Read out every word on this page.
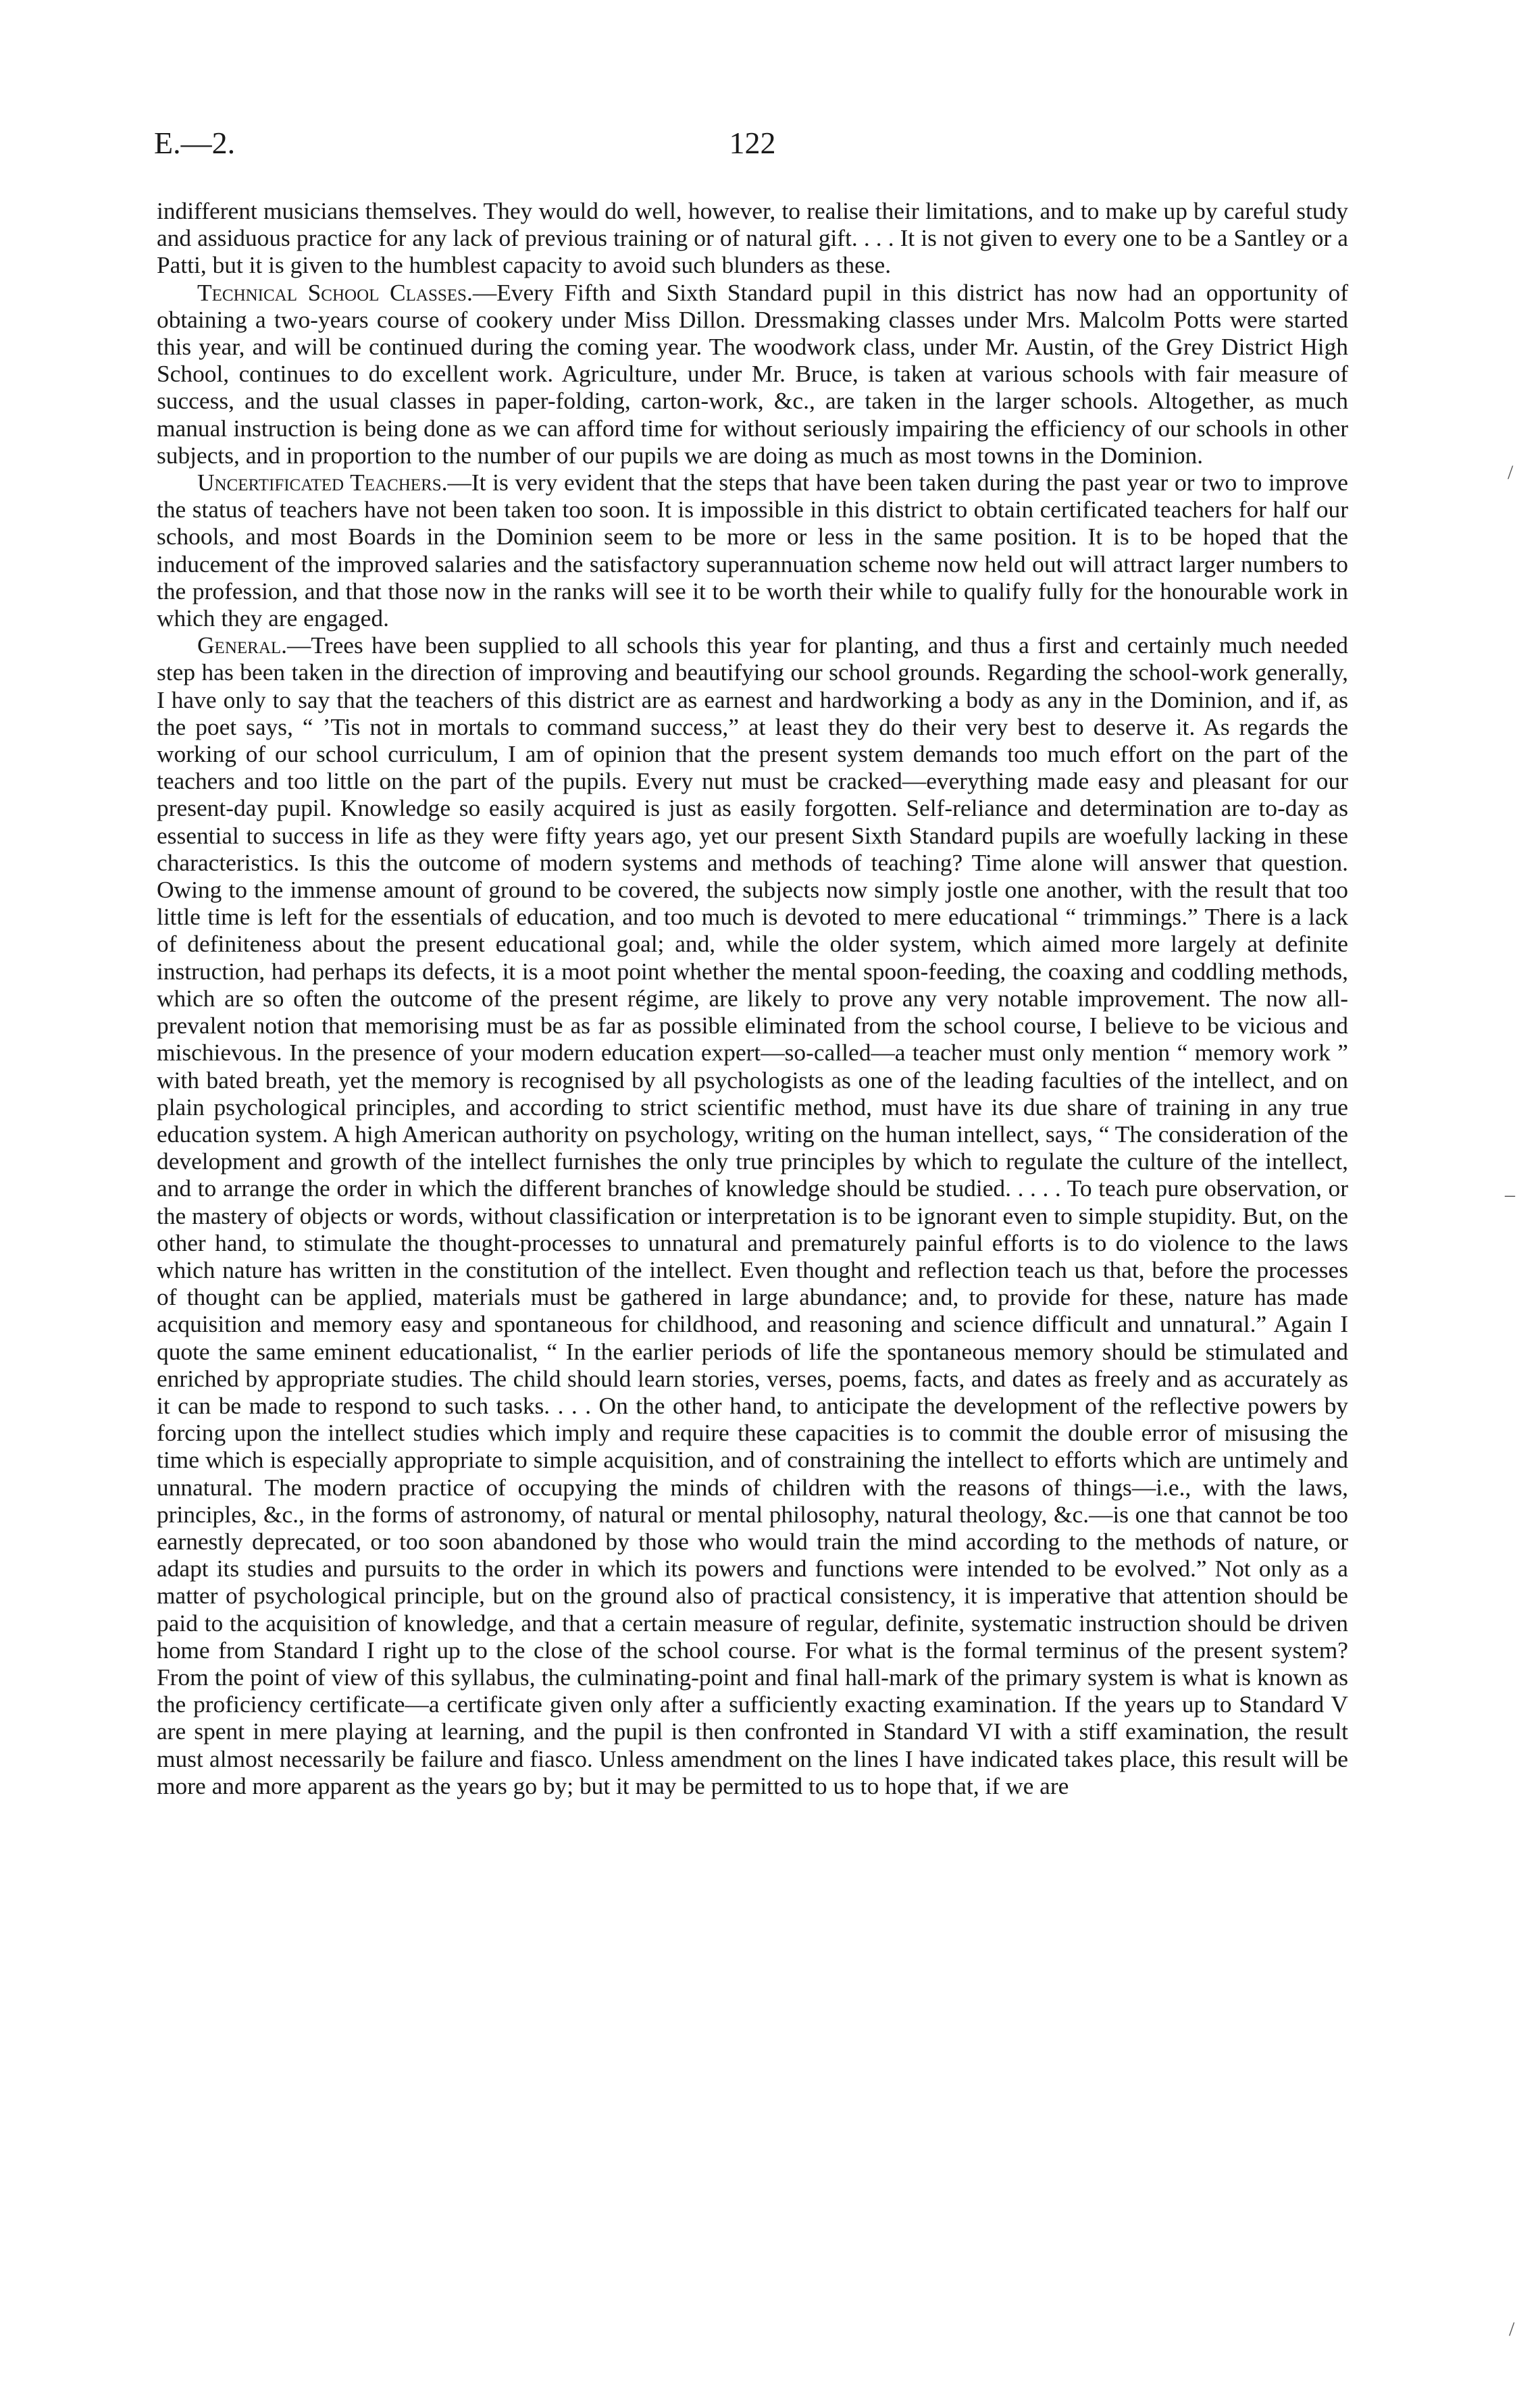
E.—2.	122

indifferent musicians themselves. They would do well, however, to realise their limitations, and to make up by careful study and assiduous practice for any lack of previous training or of natural gift. . . . It is not given to every one to be a Santley or a Patti, but it is given to the humblest capacity to avoid such blunders as these.

Technical School Classes.—Every Fifth and Sixth Standard pupil in this district has now had an opportunity of obtaining a two-years course of cookery under Miss Dillon. Dressmaking classes under Mrs. Malcolm Potts were started this year, and will be continued during the coming year. The woodwork class, under Mr. Austin, of the Grey District High School, continues to do excellent work. Agriculture, under Mr. Bruce, is taken at various schools with fair measure of success, and the usual classes in paper-folding, carton-work, &c., are taken in the larger schools. Altogether, as much manual instruction is being done as we can afford time for without seriously impairing the efficiency of our schools in other subjects, and in proportion to the number of our pupils we are doing as much as most towns in the Dominion.

Uncertificated Teachers.—It is very evident that the steps that have been taken during the past year or two to improve the status of teachers have not been taken too soon. It is impossible in this district to obtain certificated teachers for half our schools, and most Boards in the Dominion seem to be more or less in the same position. It is to be hoped that the inducement of the improved salaries and the satisfactory superannuation scheme now held out will attract larger numbers to the profession, and that those now in the ranks will see it to be worth their while to qualify fully for the honourable work in which they are engaged.

General.—Trees have been supplied to all schools this year for planting, and thus a first and certainly much needed step has been taken in the direction of improving and beautifying our school grounds. Regarding the school-work generally, I have only to say that the teachers of this district are as earnest and hardworking a body as any in the Dominion, and if, as the poet says, “ ’Tis not in mortals to command success,” at least they do their very best to deserve it. As regards the working of our school curriculum, I am of opinion that the present system demands too much effort on the part of the teachers and too little on the part of the pupils. Every nut must be cracked—everything made easy and pleasant for our present-day pupil. Knowledge so easily acquired is just as easily forgotten. Self-reliance and determination are to-day as essential to success in life as they were fifty years ago, yet our present Sixth Standard pupils are woefully lacking in these characteristics. Is this the outcome of modern systems and methods of teaching? Time alone will answer that question. Owing to the immense amount of ground to be covered, the subjects now simply jostle one another, with the result that too little time is left for the essentials of education, and too much is devoted to mere educational “ trimmings.” There is a lack of definiteness about the present educational goal; and, while the older system, which aimed more largely at definite instruction, had perhaps its defects, it is a moot point whether the mental spoon-feeding, the coaxing and coddling methods, which are so often the outcome of the present régime, are likely to prove any very notable improvement. The now all-prevalent notion that memorising must be as far as possible eliminated from the school course, I believe to be vicious and mischievous. In the presence of your modern education expert—so-called—a teacher must only mention “ memory work ” with bated breath, yet the memory is recognised by all psychologists as one of the leading faculties of the intellect, and on plain psychological principles, and according to strict scientific method, must have its due share of training in any true education system. A high American authority on psychology, writing on the human intellect, says, “ The consideration of the development and growth of the intellect furnishes the only true principles by which to regulate the culture of the intellect, and to arrange the order in which the different branches of knowledge should be studied. . . . . To teach pure observation, or the mastery of objects or words, without classification or interpretation is to be ignorant even to simple stupidity. But, on the other hand, to stimulate the thought-processes to unnatural and prematurely painful efforts is to do violence to the laws which nature has written in the constitution of the intellect. Even thought and reflection teach us that, before the processes of thought can be applied, materials must be gathered in large abundance; and, to provide for these, nature has made acquisition and memory easy and spontaneous for childhood, and reasoning and science difficult and unnatural.” Again I quote the same eminent educationalist, “ In the earlier periods of life the spontaneous memory should be stimulated and enriched by appropriate studies. The child should learn stories, verses, poems, facts, and dates as freely and as accurately as it can be made to respond to such tasks. . . . On the other hand, to anticipate the development of the reflective powers by forcing upon the intellect studies which imply and require these capacities is to commit the double error of misusing the time which is especially appropriate to simple acquisition, and of constraining the intellect to efforts which are untimely and unnatural. The modern practice of occupying the minds of children with the reasons of things—i.e., with the laws, principles, &c., in the forms of astronomy, of natural or mental philosophy, natural theology, &c.—is one that cannot be too earnestly deprecated, or too soon abandoned by those who would train the mind according to the methods of nature, or adapt its studies and pursuits to the order in which its powers and functions were intended to be evolved.” Not only as a matter of psychological principle, but on the ground also of practical consistency, it is imperative that attention should be paid to the acquisition of knowledge, and that a certain measure of regular, definite, systematic instruction should be driven home from Standard I right up to the close of the school course. For what is the formal terminus of the present system? From the point of view of this syllabus, the culminating-point and final hall-mark of the primary system is what is known as the proficiency certificate—a certificate given only after a sufficiently exacting examination. If the years up to Standard V are spent in mere playing at learning, and the pupil is then confronted in Standard VI with a stiff examination, the result must almost necessarily be failure and fiasco. Unless amendment on the lines I have indicated takes place, this result will be more and more apparent as the years go by; but it may be permitted to us to hope that, if we are

/
–
/
